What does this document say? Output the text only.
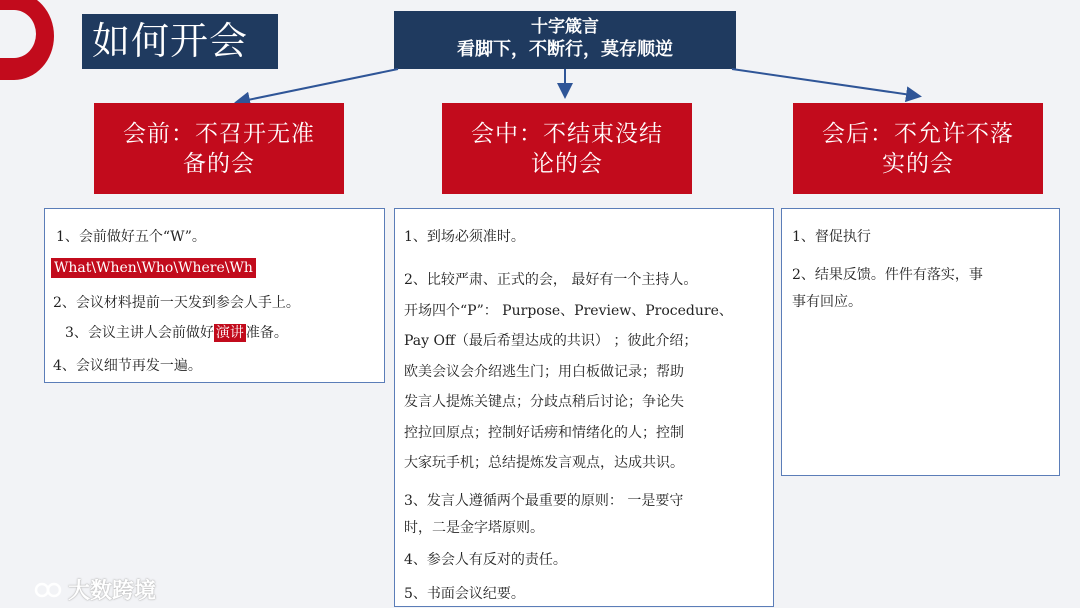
如何开会	十字箴言
看脚下，不断行，莫存顺逆
会前：不召开无准备的会
会中：不结束没结论的会
会后：不允许不落实的会

1、会前做好五个“W”。

What\When\Who\Where\Wh

2、会议材料提前一天发到参会人手上。

3、会议主讲人会前做好 演讲 准备。

4、会议细节再发一遍。

1、到场必须准时。

2、比较严肃、正式的会， 最好有一个主持人。
开场四个“P”： Purpose、Preview、Procedure、
Pay Off（最后希望达成的共识） ；彼此介绍；
欧美会议会介绍逃生门；用白板做记录；帮助
发言人提炼关键点；分歧点稍后讨论；争论失
控拉回原点；控制好话痨和情绪化的人；控制
大家玩手机；总结提炼发言观点，达成共识。
3、发言人遵循两个最重要的原则： 一是要守
时，二是金字塔原则。

4、参会人有反对的责任。

5、书面会议纪要。

1、督促执行

2、结果反馈。件件有落实，事
事有回应。
大数跨境
